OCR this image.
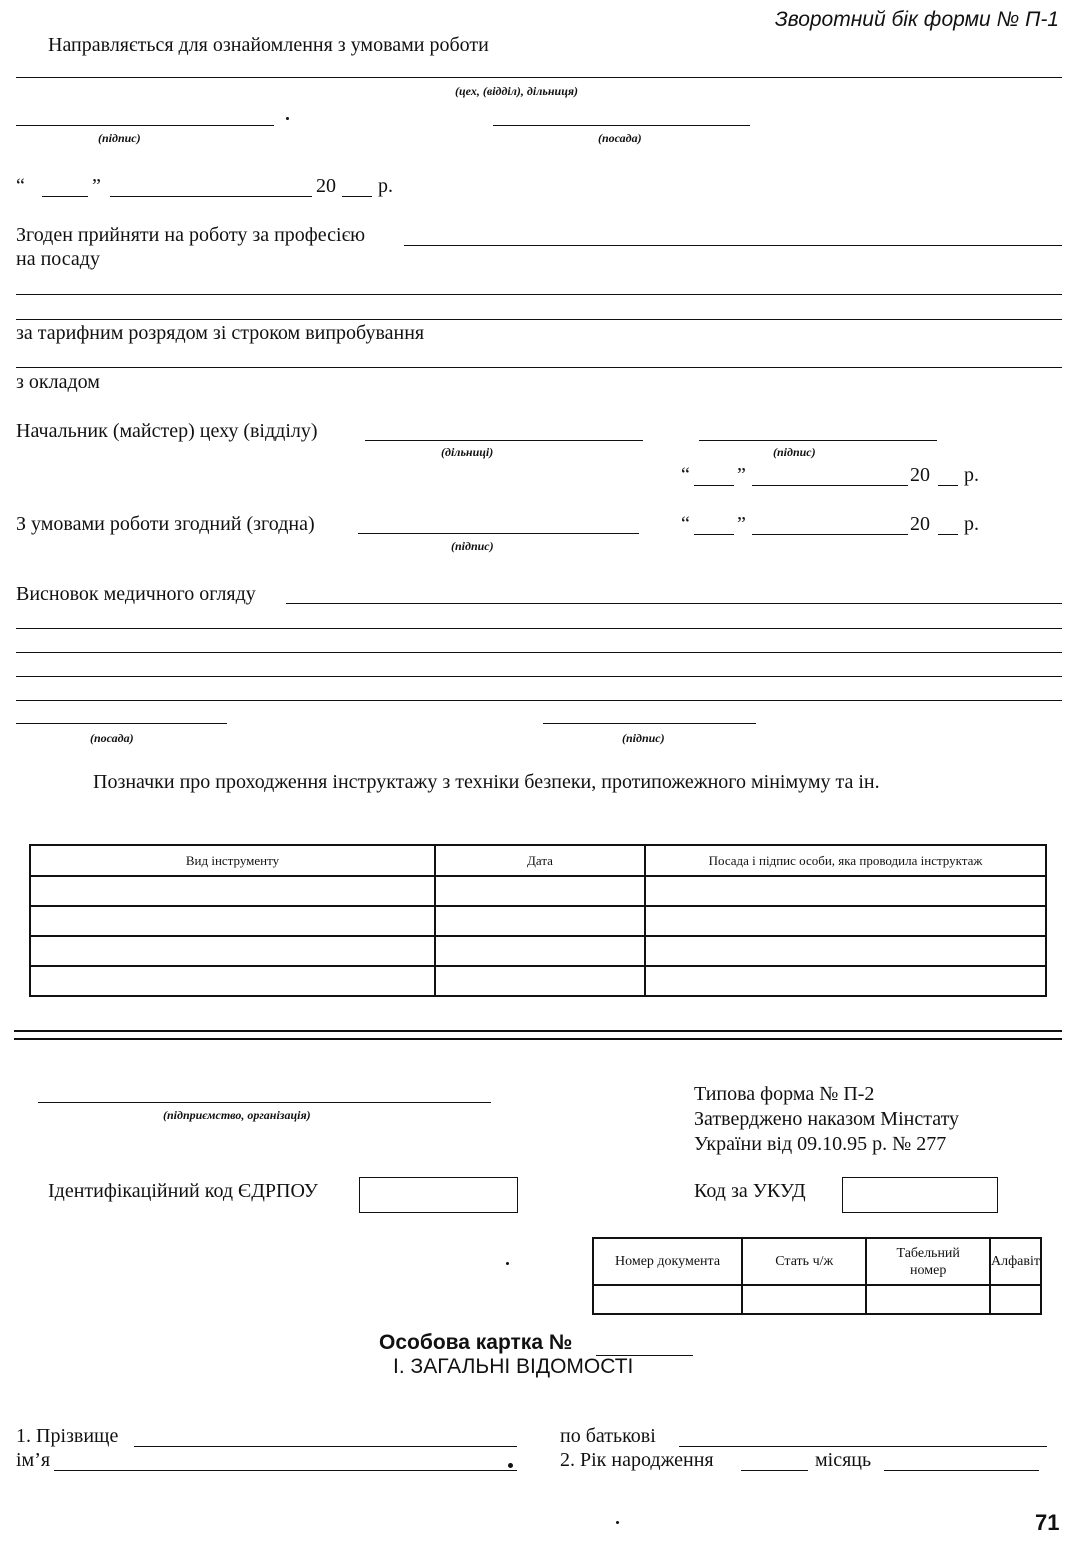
Зворотний бік форми № П-1
Направляється для ознайомлення з умовами роботи
(цех, (відділ), дільниця)
(підпис)	(посада)
“	”	20 р.
Згоден прийняти на роботу за професією
на посаду
за тарифним розрядом зі строком випробування
з окладом
Начальник (майстер) цеху (відділу)
(дільниці)	(підпис)
“ ”	20 р.
З умовами роботи згодний (згодна)
(підпис)
“ ”	20 р.
Висновок медичного огляду
(посада)	(підпис)
Позначки про проходження інструктажу з техніки безпеки, протипожежного мінімуму та ін.
Вид інструменту	Дата	Посада і підпис особи, яка проводила інструктаж

(підприємство, організація)
Типова форма № П-2
Затверджено наказом Мінстату
України від 09.10.95 р. № 277
Ідентифікаційний код ЄДРПОУ	Код за УКУД
Номер документа	Стать ч/ж	Табельний номер	Алфавіт

Особова картка №
І. ЗАГАЛЬНІ ВІДОМОСТІ
1. Прізвище	по батькові
ім’я	2. Рік народження	місяць
71
